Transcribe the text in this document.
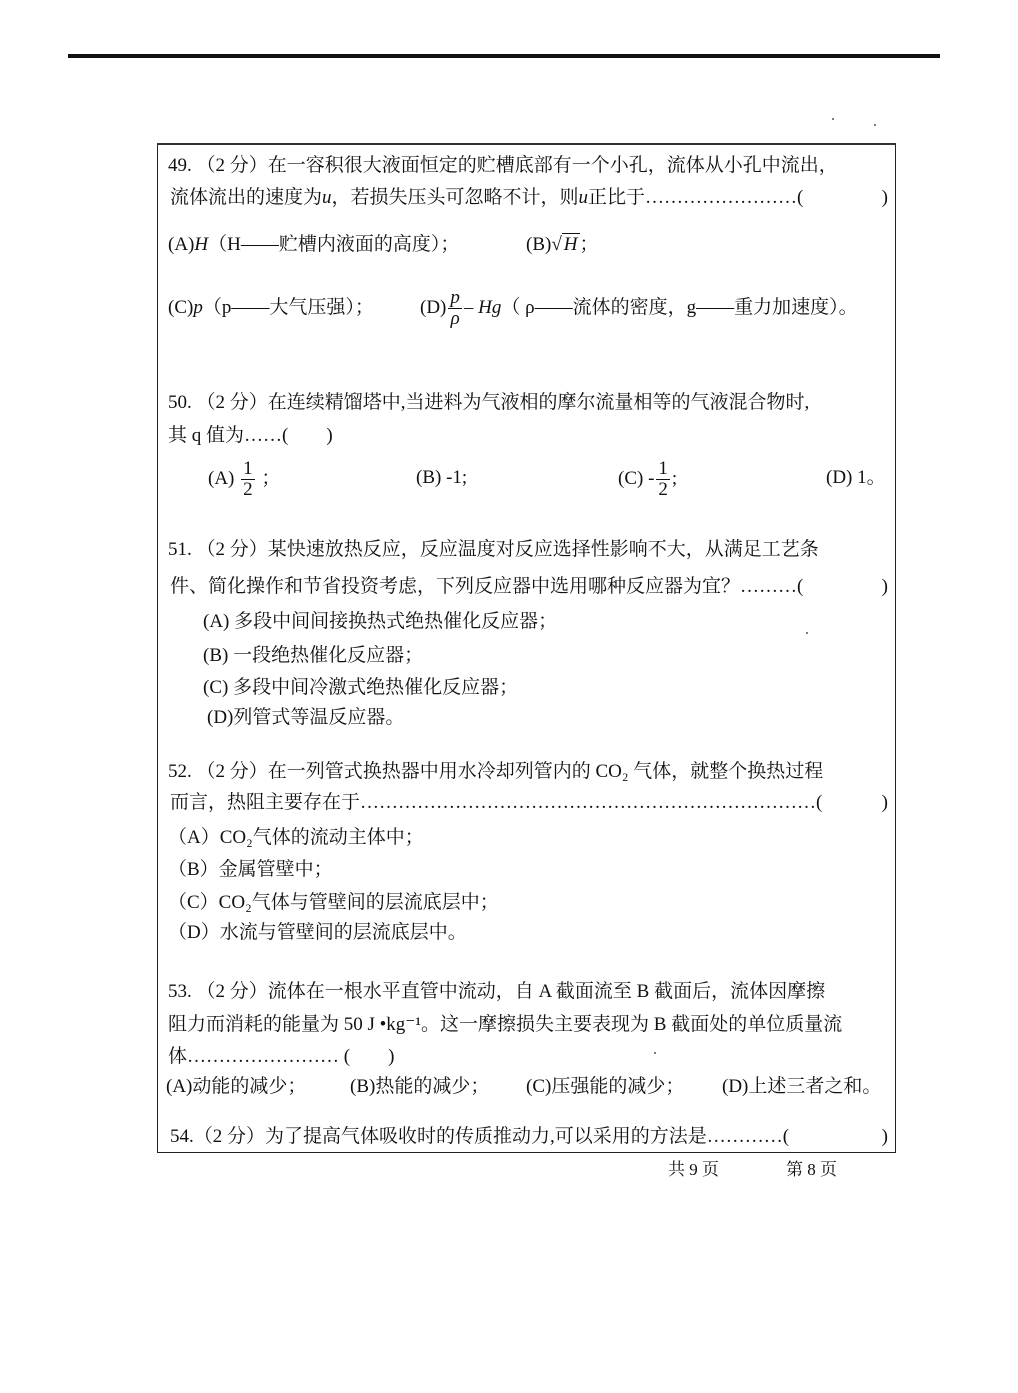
49. （2 分）在一容积很大液面恒定的贮槽底部有一个小孔，流体从小孔中流出，
流体流出的速度为u，若损失压头可忽略不计，则u正比于……………………(	)
(A)H（H——贮槽内液面的高度）；	(B)√ H ；
(C)p（p——大气压强）； $(D) \frac{p}{\rho} - Hg$（ ρ——流体的密度，g——重力加速度）。
50. （2 分）在连续精馏塔中,当进料为气液相的摩尔流量相等的气液混合物时,
其 q 值为……(　　)
$(A) \frac{1}{2}$ ；	(B) -1;	$(C) - \frac{1}{2}$ ;	(D) 1。
51. （2 分）某快速放热反应，反应温度对反应选择性影响不大，从满足工艺条
件、简化操作和节省投资考虑，下列反应器中选用哪种反应器为宜？………(	)
(A) 多段中间间接换热式绝热催化反应器；
(B) 一段绝热催化反应器；
(C) 多段中间冷激式绝热催化反应器；
(D)列管式等温反应器。
52. （2 分）在一列管式换热器中用水冷却列管内的 CO₂ 气体，就整个换热过程
而言，热阻主要存在于………………………………………………………………(	)
（A）CO₂气体的流动主体中；
（B）金属管壁中；
（C）CO₂气体与管壁间的层流底层中；
（D）水流与管壁间的层流底层中。
53. （2 分）流体在一根水平直管中流动，自 A 截面流至 B 截面后，流体因摩擦
阻力而消耗的能量为 50 J •kg⁻¹。这一摩擦损失主要表现为 B 截面处的单位质量流
体…………………… (　　)
(A)动能的减少； (B)热能的减少； (C)压强能的减少； (D)上述三者之和。
54.（2 分）为了提高气体吸收时的传质推动力,可以采用的方法是…………(	)
共 9 页	第 8 页
